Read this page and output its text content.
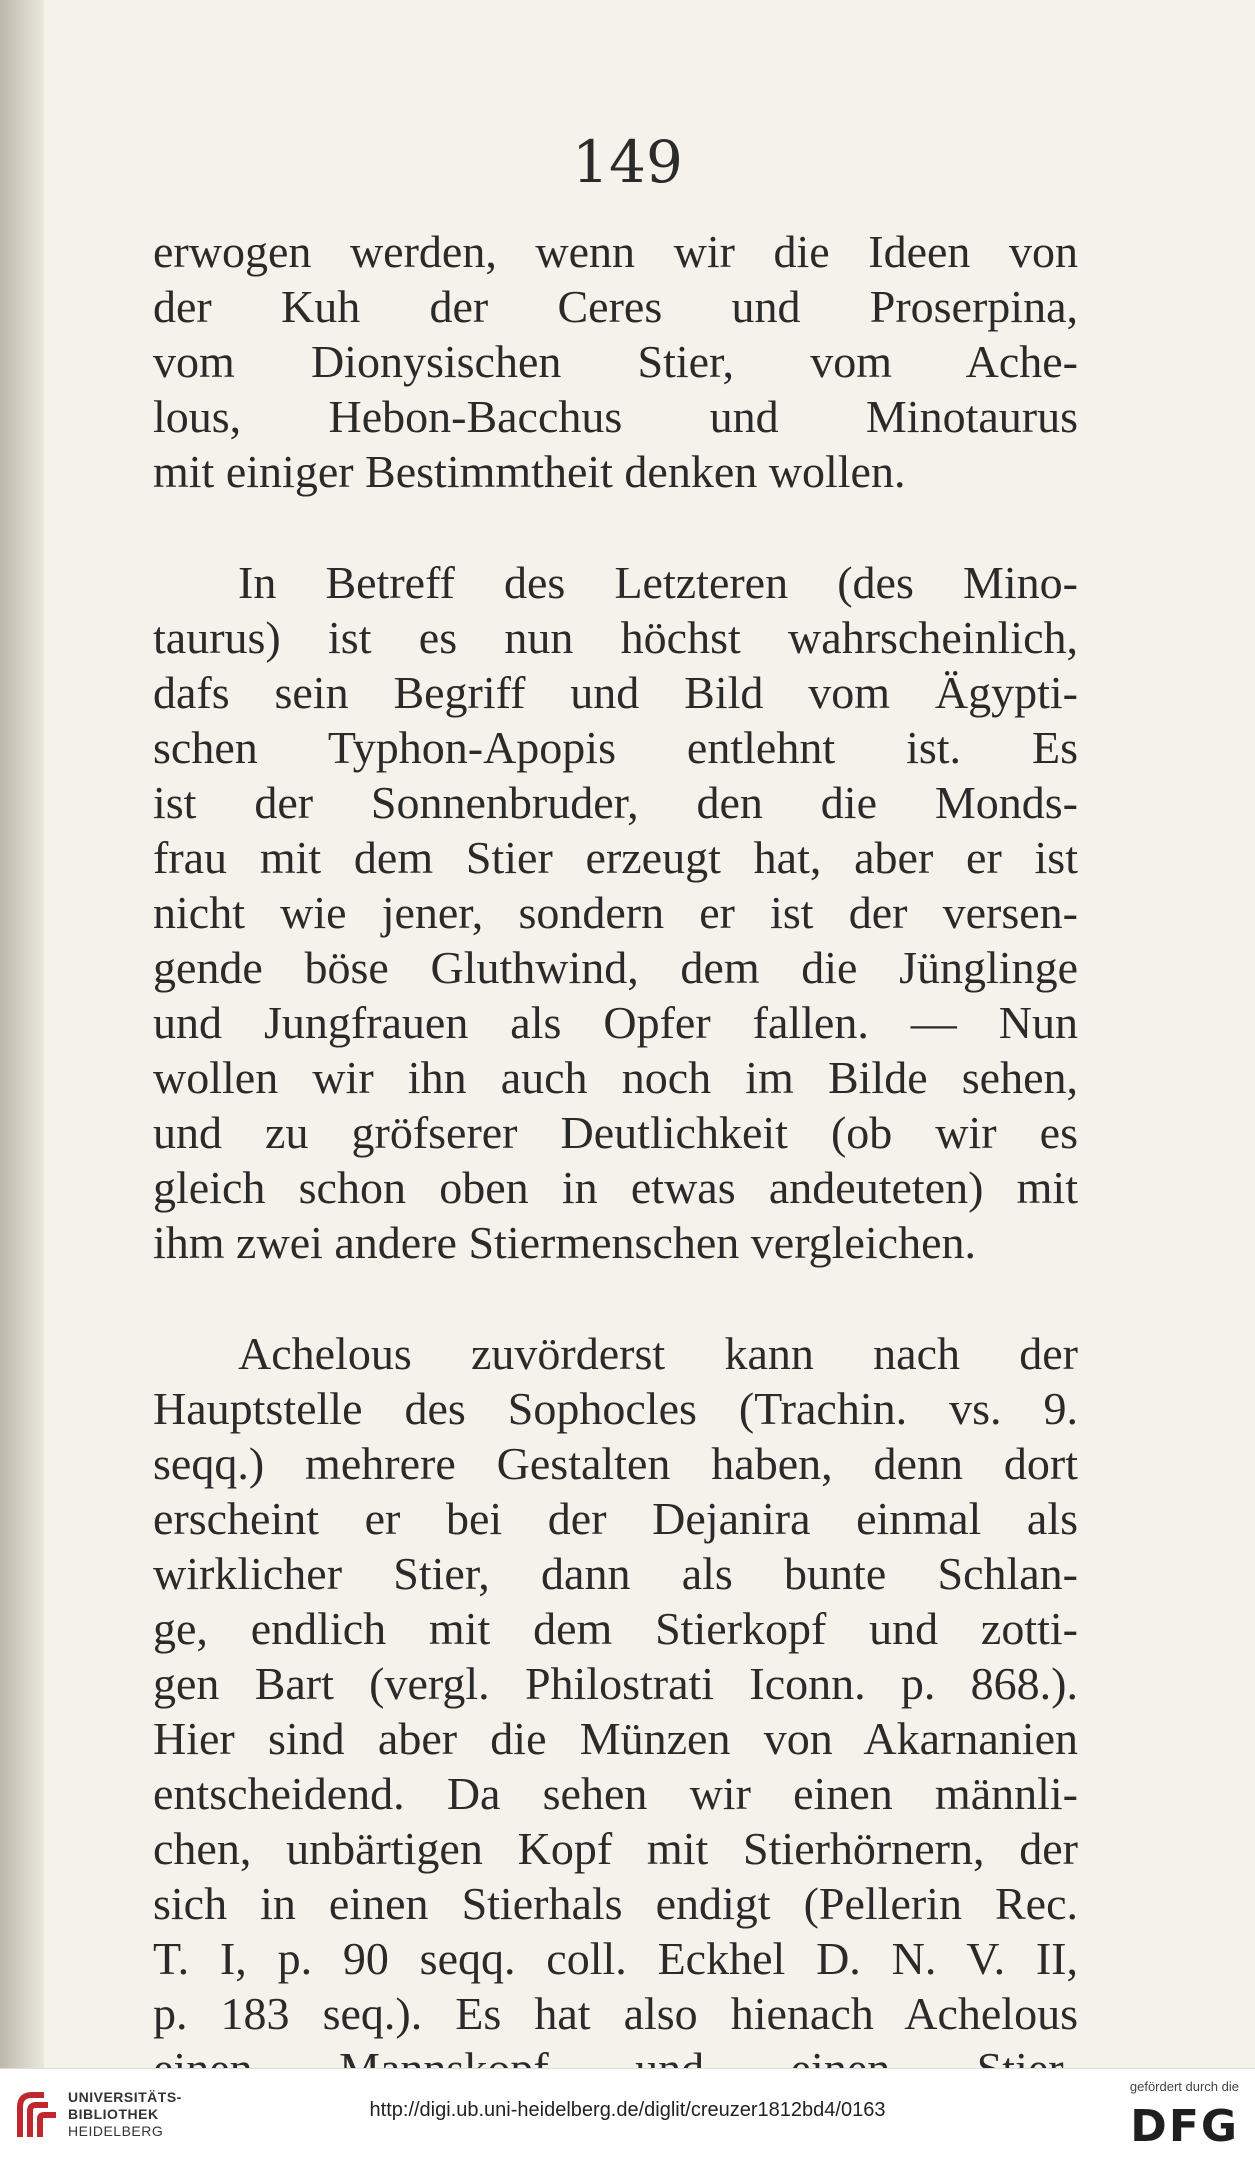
149
erwogen werden, wenn wir die Ideen von
der Kuh der Ceres und Proserpina,
vom Dionysischen Stier, vom Ache-
lous, Hebon-Bacchus und Minotaurus
mit einiger Bestimmtheit denken wollen.
In Betreff des Letzteren (des Mino-
taurus) ist es nun höchst wahrscheinlich,
dafs sein Begriff und Bild vom Ägypti-
schen Typhon-Apopis entlehnt ist. Es
ist der Sonnenbruder, den die Monds-
frau mit dem Stier erzeugt hat, aber er ist
nicht wie jener, sondern er ist der versen-
gende böse Gluthwind, dem die Jünglinge
und Jungfrauen als Opfer fallen. — Nun
wollen wir ihn auch noch im Bilde sehen,
und zu gröfserer Deutlichkeit (ob wir es
gleich schon oben in etwas andeuteten) mit
ihm zwei andere Stiermenschen vergleichen.
Achelous zuvörderst kann nach der
Hauptstelle des Sophocles (Trachin. vs. 9.
seqq.) mehrere Gestalten haben, denn dort
erscheint er bei der Dejanira einmal als
wirklicher Stier, dann als bunte Schlan-
ge, endlich mit dem Stierkopf und zotti-
gen Bart (vergl. Philostrati Iconn. p. 868.).
Hier sind aber die Münzen von Akarnanien
entscheidend. Da sehen wir einen männli-
chen, unbärtigen Kopf mit Stierhörnern, der
sich in einen Stierhals endigt (Pellerin Rec.
T. I, p. 90 seqq. coll. Eckhel D. N. V. II,
p. 183 seq.). Es hat also hienach Achelous
UNIVERSITÄTS-
BIBLIOTHEK
HEIDELBERG
http://digi.ub.uni-heidelberg.de/diglit/creuzer1812bd4/0163
gefördert durch die
DFG
